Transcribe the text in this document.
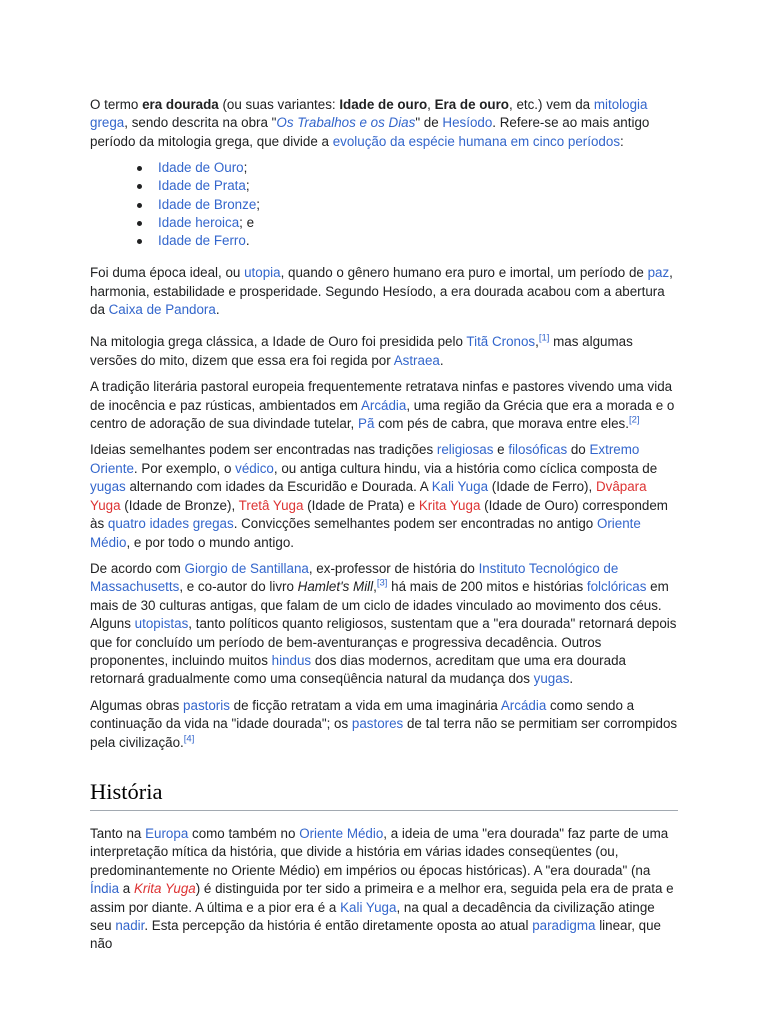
O termo era dourada (ou suas variantes: Idade de ouro, Era de ouro, etc.) vem da mitologia grega, sendo descrita na obra "Os Trabalhos e os Dias" de Hesíodo. Refere-se ao mais antigo período da mitologia grega, que divide a evolução da espécie humana em cinco períodos:

Idade de Ouro;
Idade de Prata;
Idade de Bronze;
Idade heroica; e
Idade de Ferro.

Foi duma época ideal, ou utopia, quando o gênero humano era puro e imortal, um período de paz, harmonia, estabilidade e prosperidade. Segundo Hesíodo, a era dourada acabou com a abertura da Caixa de Pandora.

Na mitologia grega clássica, a Idade de Ouro foi presidida pelo Titã Cronos,[1] mas algumas versões do mito, dizem que essa era foi regida por Astraea.

A tradição literária pastoral europeia frequentemente retratava ninfas e pastores vivendo uma vida de inocência e paz rústicas, ambientados em Arcádia, uma região da Grécia que era a morada e o centro de adoração de sua divindade tutelar, Pã com pés de cabra, que morava entre eles.[2]

Ideias semelhantes podem ser encontradas nas tradições religiosas e filosóficas do Extremo Oriente. Por exemplo, o védico, ou antiga cultura hindu, via a história como cíclica composta de yugas alternando com idades da Escuridão e Dourada. A Kali Yuga (Idade de Ferro), Dvâpara Yuga (Idade de Bronze), Tretâ Yuga (Idade de Prata) e Krita Yuga (Idade de Ouro) correspondem às quatro idades gregas. Convicções semelhantes podem ser encontradas no antigo Oriente Médio, e por todo o mundo antigo.

De acordo com Giorgio de Santillana, ex-professor de história do Instituto Tecnológico de Massachusetts, e co-autor do livro Hamlet's Mill,[3] há mais de 200 mitos e histórias folclóricas em mais de 30 culturas antigas, que falam de um ciclo de idades vinculado ao movimento dos céus. Alguns utopistas, tanto políticos quanto religiosos, sustentam que a "era dourada" retornará depois que for concluído um período de bem-aventuranças e progressiva decadência. Outros proponentes, incluindo muitos hindus dos dias modernos, acreditam que uma era dourada retornará gradualmente como uma conseqüência natural da mudança dos yugas.

Algumas obras pastoris de ficção retratam a vida em uma imaginária Arcádia como sendo a continuação da vida na "idade dourada"; os pastores de tal terra não se permitiam ser corrompidos pela civilização.[4]

História

Tanto na Europa como também no Oriente Médio, a ideia de uma "era dourada" faz parte de uma interpretação mítica da história, que divide a história em várias idades conseqüentes (ou, predominantemente no Oriente Médio) em impérios ou épocas históricas). A "era dourada" (na Índia a Krita Yuga) é distinguida por ter sido a primeira e a melhor era, seguida pela era de prata e assim por diante. A última e a pior era é a Kali Yuga, na qual a decadência da civilização atinge seu nadir. Esta percepção da história é então diretamente oposta ao atual paradigma linear, que não
